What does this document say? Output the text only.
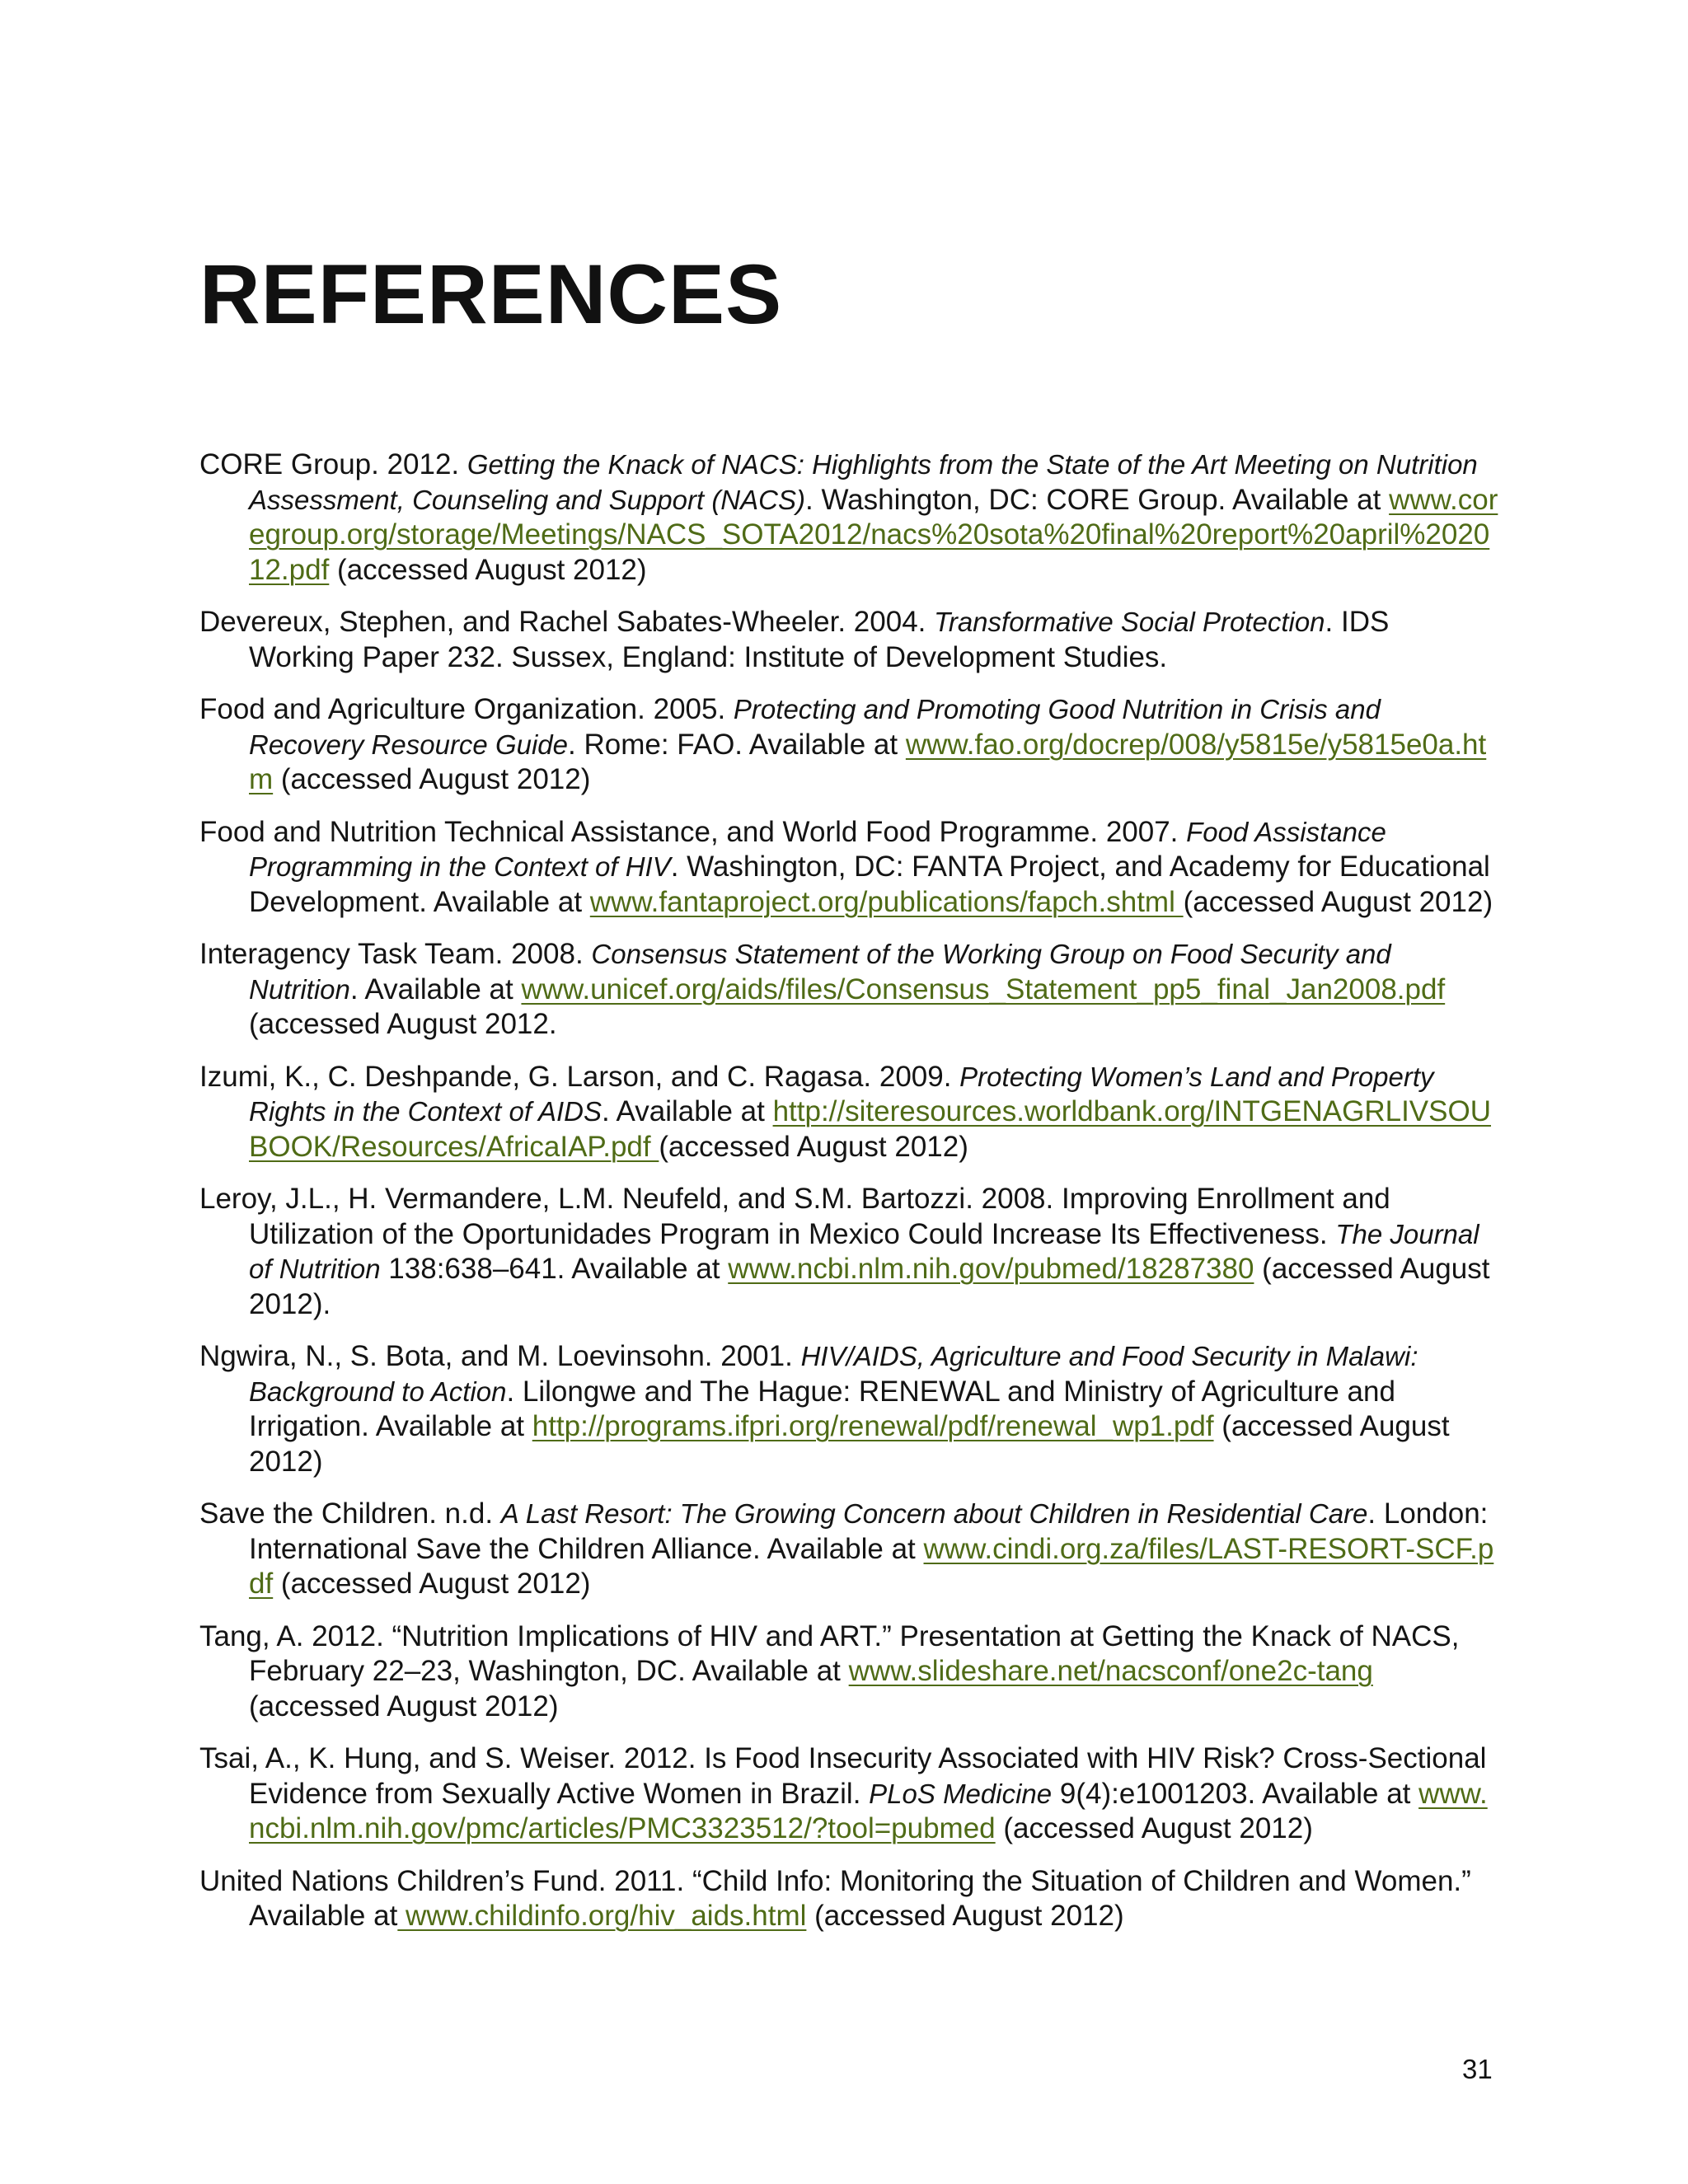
REFERENCES
CORE Group. 2012. Getting the Knack of NACS: Highlights from the State of the Art Meeting on Nutrition Assessment, Counseling and Support (NACS). Washington, DC: CORE Group. Available at www.coregroup.org/storage/Meetings/NACS_SOTA2012/nacs%20sota%20final%20report%20april%202012.pdf (accessed August 2012)
Devereux, Stephen, and Rachel Sabates-Wheeler. 2004. Transformative Social Protection. IDS Working Paper 232. Sussex, England: Institute of Development Studies.
Food and Agriculture Organization. 2005. Protecting and Promoting Good Nutrition in Crisis and Recovery Resource Guide. Rome: FAO. Available at www.fao.org/docrep/008/y5815e/y5815e0a.htm (accessed August 2012)
Food and Nutrition Technical Assistance, and World Food Programme. 2007. Food Assistance Programming in the Context of HIV. Washington, DC: FANTA Project, and Academy for Educational Development. Available at www.fantaproject.org/publications/fapch.shtml (accessed August 2012)
Interagency Task Team. 2008. Consensus Statement of the Working Group on Food Security and Nutrition. Available at www.unicef.org/aids/files/Consensus_Statement_pp5_final_Jan2008.pdf (accessed August 2012.
Izumi, K., C. Deshpande, G. Larson, and C. Ragasa. 2009. Protecting Women’s Land and Property Rights in the Context of AIDS. Available at http://siteresources.worldbank.org/INTGENAGRLIVSOUBOOK/Resources/AfricaIAP.pdf (accessed August 2012)
Leroy, J.L., H. Vermandere, L.M. Neufeld, and S.M. Bartozzi. 2008. Improving Enrollment and Utilization of the Oportunidades Program in Mexico Could Increase Its Effectiveness. The Journal of Nutrition 138:638–641. Available at www.ncbi.nlm.nih.gov/pubmed/18287380 (accessed August 2012).
Ngwira, N., S. Bota, and M. Loevinsohn. 2001. HIV/AIDS, Agriculture and Food Security in Malawi: Background to Action. Lilongwe and The Hague: RENEWAL and Ministry of Agriculture and Irrigation. Available at http://programs.ifpri.org/renewal/pdf/renewal_wp1.pdf (accessed August 2012)
Save the Children. n.d. A Last Resort: The Growing Concern about Children in Residential Care. London: International Save the Children Alliance. Available at www.cindi.org.za/files/LAST-RESORT-SCF.pdf (accessed August 2012)
Tang, A. 2012. “Nutrition Implications of HIV and ART.” Presentation at Getting the Knack of NACS, February 22–23, Washington, DC. Available at www.slideshare.net/nacsconf/one2c-tang (accessed August 2012)
Tsai, A., K. Hung, and S. Weiser. 2012. Is Food Insecurity Associated with HIV Risk? Cross-Sectional Evidence from Sexually Active Women in Brazil. PLoS Medicine 9(4):e1001203. Available at www.ncbi.nlm.nih.gov/pmc/articles/PMC3323512/?tool=pubmed (accessed August 2012)
United Nations Children’s Fund. 2011. “Child Info: Monitoring the Situation of Children and Women.” Available at www.childinfo.org/hiv_aids.html (accessed August 2012)
31
